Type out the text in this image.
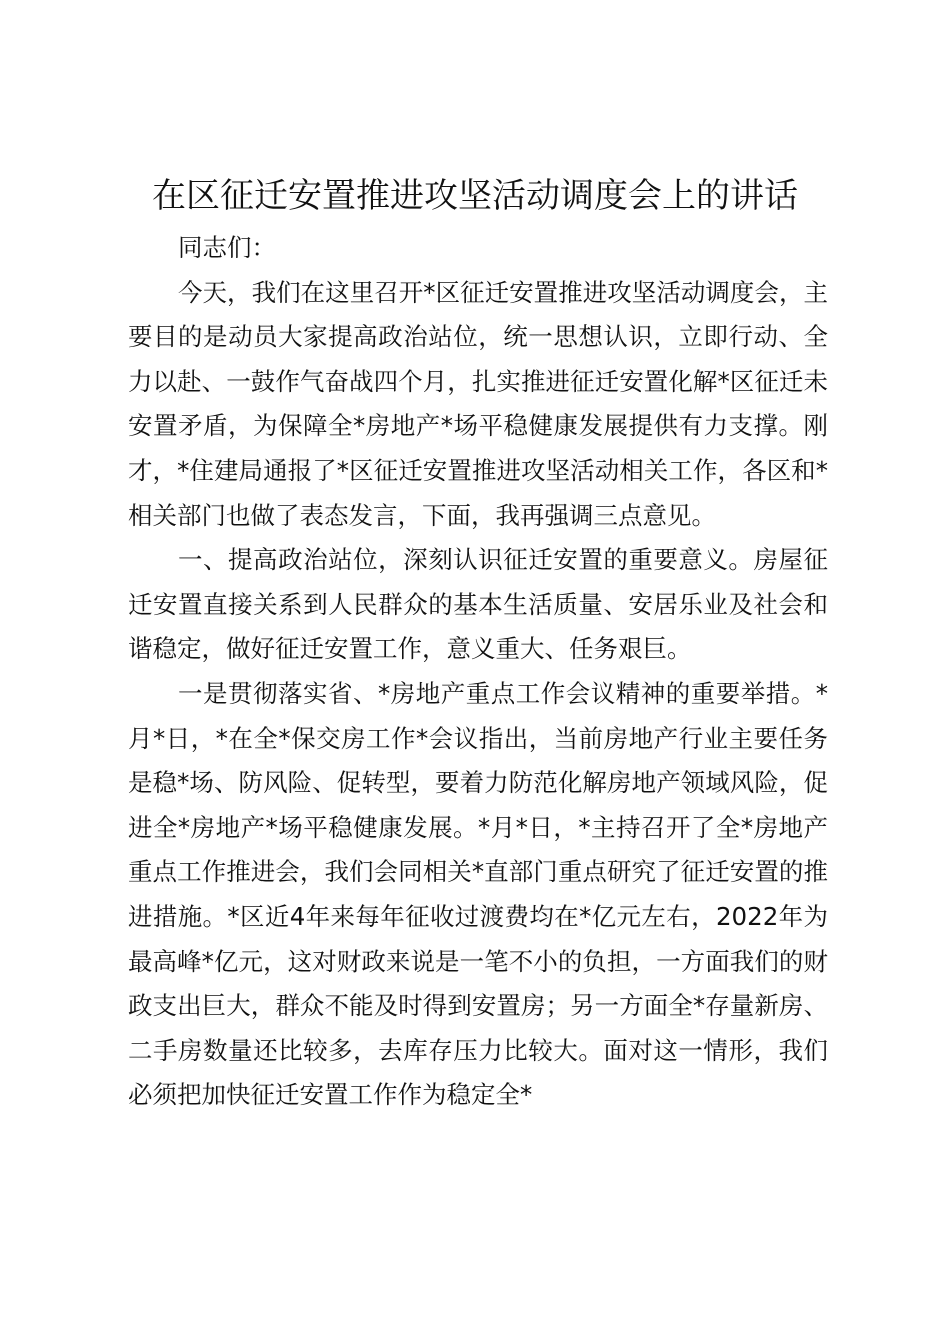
在区征迁安置推进攻坚活动调度会上的讲话

同志们：

今天，我们在这里召开*区征迁安置推进攻坚活动调度会，主要目的是动员大家提高政治站位，统一思想认识，立即行动、全力以赴、一鼓作气奋战四个月，扎实推进征迁安置化解*区征迁未安置矛盾，为保障全*房地产*场平稳健康发展提供有力支撑。刚才，*住建局通报了*区征迁安置推进攻坚活动相关工作，各区和*相关部门也做了表态发言，下面，我再强调三点意见。

一、提高政治站位，深刻认识征迁安置的重要意义。房屋征迁安置直接关系到人民群众的基本生活质量、安居乐业及社会和谐稳定，做好征迁安置工作，意义重大、任务艰巨。

一是贯彻落实省、*房地产重点工作会议精神的重要举措。*月*日，*在全*保交房工作*会议指出，当前房地产行业主要任务是稳*场、防风险、促转型，要着力防范化解房地产领域风险，促进全*房地产*场平稳健康发展。*月*日，*主持召开了全*房地产重点工作推进会，我们会同相关*直部门重点研究了征迁安置的推进措施。*区近4年来每年征收过渡费均在*亿元左右，2022年为最高峰*亿元，这对财政来说是一笔不小的负担，一方面我们的财政支出巨大，群众不能及时得到安置房；另一方面全*存量新房、二手房数量还比较多，去库存压力比较大。面对这一情形，我们必须把加快征迁安置工作作为稳定全*
